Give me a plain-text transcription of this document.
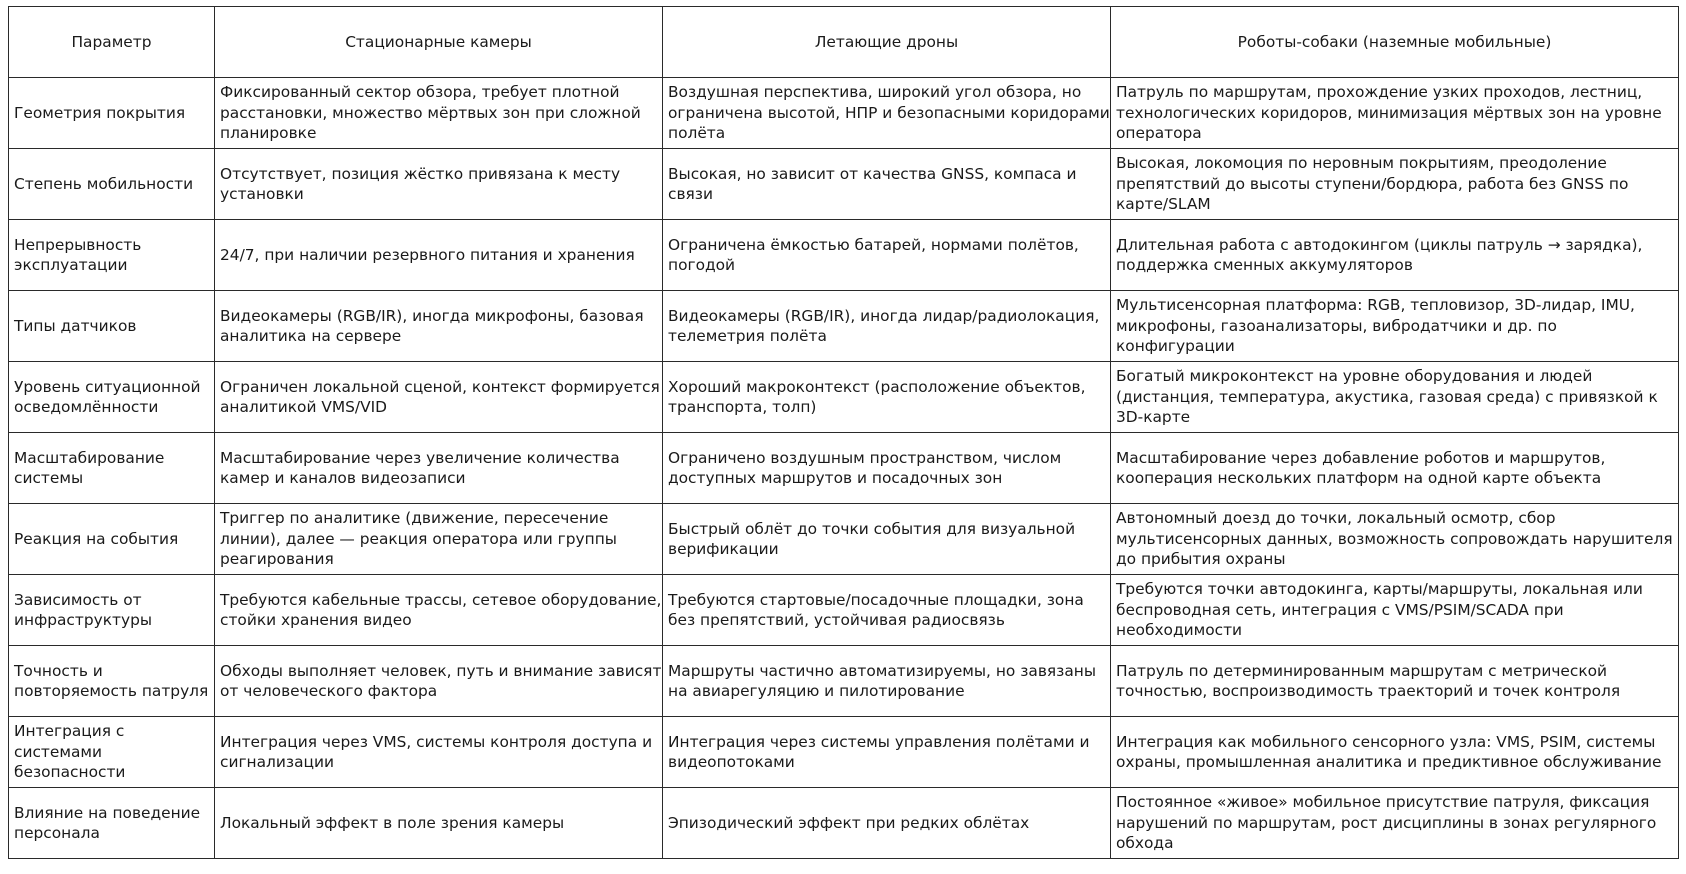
Параметр	Стационарные камеры	Летающие дроны	Роботы-собаки (наземные мобильные)
Геометрия покрытия	Фиксированный сектор обзора, требует плотной расстановки, множество мёртвых зон при сложной планировке	Воздушная перспектива, широкий угол обзора, но ограничена высотой, НПР и безопасными коридорами полёта	Патруль по маршрутам, прохождение узких проходов, лестниц, технологических коридоров, минимизация мёртвых зон на уровне оператора
Степень мобильности	Отсутствует, позиция жёстко привязана к месту установки	Высокая, но зависит от качества GNSS, компаса и связи	Высокая, локомоция по неровным покрытиям, преодоление препятствий до высоты ступени/бордюра, работа без GNSS по карте/SLAM
Непрерывность эксплуатации	24/7, при наличии резервного питания и хранения	Ограничена ёмкостью батарей, нормами полётов, погодой	Длительная работа с автодокингом (циклы патруль → зарядка), поддержка сменных аккумуляторов
Типы датчиков	Видеокамеры (RGB/IR), иногда микрофоны, базовая аналитика на сервере	Видеокамеры (RGB/IR), иногда лидар/радиолокация, телеметрия полёта	Мультисенсорная платформа: RGB, тепловизор, 3D-лидар, IMU, микрофоны, газоанализаторы, вибродатчики и др. по конфигурации
Уровень ситуационной осведомлённости	Ограничен локальной сценой, контекст формируется аналитикой VMS/VID	Хороший макроконтекст (расположение объектов, транспорта, толп)	Богатый микроконтекст на уровне оборудования и людей (дистанция, температура, акустика, газовая среда) с привязкой к 3D-карте
Масштабирование системы	Масштабирование через увеличение количества камер и каналов видеозаписи	Ограничено воздушным пространством, числом доступных маршрутов и посадочных зон	Масштабирование через добавление роботов и маршрутов, кооперация нескольких платформ на одной карте объекта
Реакция на события	Триггер по аналитике (движение, пересечение линии), далее — реакция оператора или группы реагирования	Быстрый облёт до точки события для визуальной верификации	Автономный доезд до точки, локальный осмотр, сбор мультисенсорных данных, возможность сопровождать нарушителя до прибытия охраны
Зависимость от инфраструктуры	Требуются кабельные трассы, сетевое оборудование, стойки хранения видео	Требуются стартовые/посадочные площадки, зона без препятствий, устойчивая радиосвязь	Требуются точки автодокинга, карты/маршруты, локальная или беспроводная сеть, интеграция с VMS/PSIM/SCADA при необходимости
Точность и повторяемость патруля	Обходы выполняет человек, путь и внимание зависят от человеческого фактора	Маршруты частично автоматизируемы, но завязаны на авиарегуляцию и пилотирование	Патруль по детерминированным маршрутам с метрической точностью, воспроизводимость траекторий и точек контроля
Интеграция с системами безопасности	Интеграция через VMS, системы контроля доступа и сигнализации	Интеграция через системы управления полётами и видеопотоками	Интеграция как мобильного сенсорного узла: VMS, PSIM, системы охраны, промышленная аналитика и предиктивное обслуживание
Влияние на поведение персонала	Локальный эффект в поле зрения камеры	Эпизодический эффект при редких облётах	Постоянное «живое» мобильное присутствие патруля, фиксация нарушений по маршрутам, рост дисциплины в зонах регулярного обхода
